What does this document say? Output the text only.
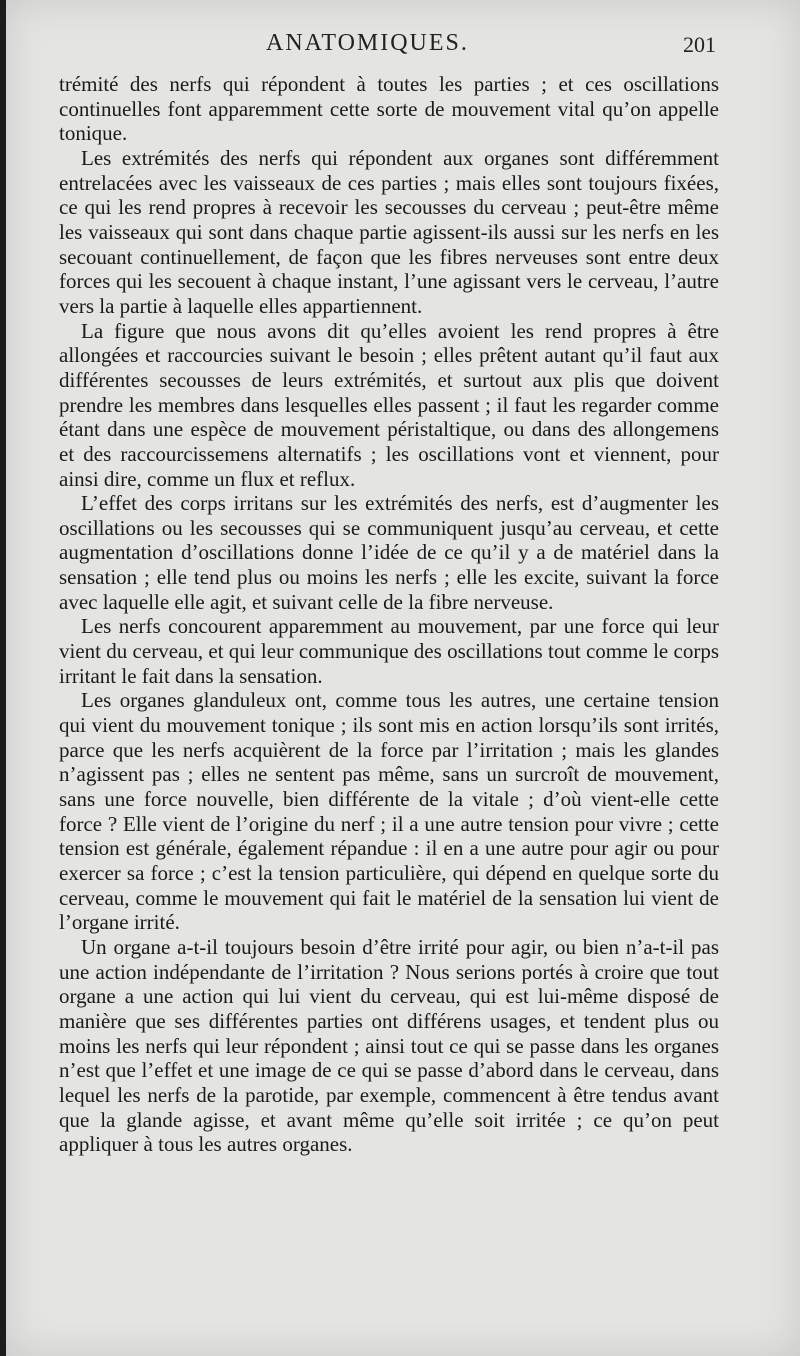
ANATOMIQUES.	201

trémité des nerfs qui répondent à toutes les parties ; et ces oscillations continuelles font apparemment cette sorte de mouvement vital qu’on appelle tonique.

Les extrémités des nerfs qui répondent aux organes sont différemment entrelacées avec les vaisseaux de ces parties ; mais elles sont toujours fixées, ce qui les rend propres à recevoir les secousses du cerveau ; peut-être même les vaisseaux qui sont dans chaque partie agissent-ils aussi sur les nerfs en les secouant continuellement, de façon que les fibres nerveuses sont entre deux forces qui les secouent à chaque instant, l’une agissant vers le cerveau, l’autre vers la partie à laquelle elles appartiennent.

La figure que nous avons dit qu’elles avoient les rend propres à être allongées et raccourcies suivant le besoin ; elles prêtent autant qu’il faut aux différentes secousses de leurs extrémités, et surtout aux plis que doivent prendre les membres dans lesquelles elles passent ; il faut les regarder comme étant dans une espèce de mouvement péristaltique, ou dans des allongemens et des raccourcissemens alternatifs ; les oscillations vont et viennent, pour ainsi dire, comme un flux et reflux.

L’effet des corps irritans sur les extrémités des nerfs, est d’augmenter les oscillations ou les secousses qui se communiquent jusqu’au cerveau, et cette augmentation d’oscillations donne l’idée de ce qu’il y a de matériel dans la sensation ; elle tend plus ou moins les nerfs ; elle les excite, suivant la force avec laquelle elle agit, et suivant celle de la fibre nerveuse.

Les nerfs concourent apparemment au mouvement, par une force qui leur vient du cerveau, et qui leur communique des oscillations tout comme le corps irritant le fait dans la sensation.

Les organes glanduleux ont, comme tous les autres, une certaine tension qui vient du mouvement tonique ; ils sont mis en action lorsqu’ils sont irrités, parce que les nerfs acquièrent de la force par l’irritation ; mais les glandes n’agissent pas ; elles ne sentent pas même, sans un surcroît de mouvement, sans une force nouvelle, bien différente de la vitale ; d’où vient-elle cette force ? Elle vient de l’origine du nerf ; il a une autre tension pour vivre ; cette tension est générale, également répandue : il en a une autre pour agir ou pour exercer sa force ; c’est la tension particulière, qui dépend en quelque sorte du cerveau, comme le mouvement qui fait le matériel de la sensation lui vient de l’organe irrité.

Un organe a-t-il toujours besoin d’être irrité pour agir, ou bien n’a-t-il pas une action indépendante de l’irritation ? Nous serions portés à croire que tout organe a une action qui lui vient du cerveau, qui est lui-même disposé de manière que ses différentes parties ont différens usages, et tendent plus ou moins les nerfs qui leur répondent ; ainsi tout ce qui se passe dans les organes n’est que l’effet et une image de ce qui se passe d’abord dans le cerveau, dans lequel les nerfs de la parotide, par exemple, commencent à être tendus avant que la glande agisse, et avant même qu’elle soit irritée ; ce qu’on peut appliquer à tous les autres organes.
